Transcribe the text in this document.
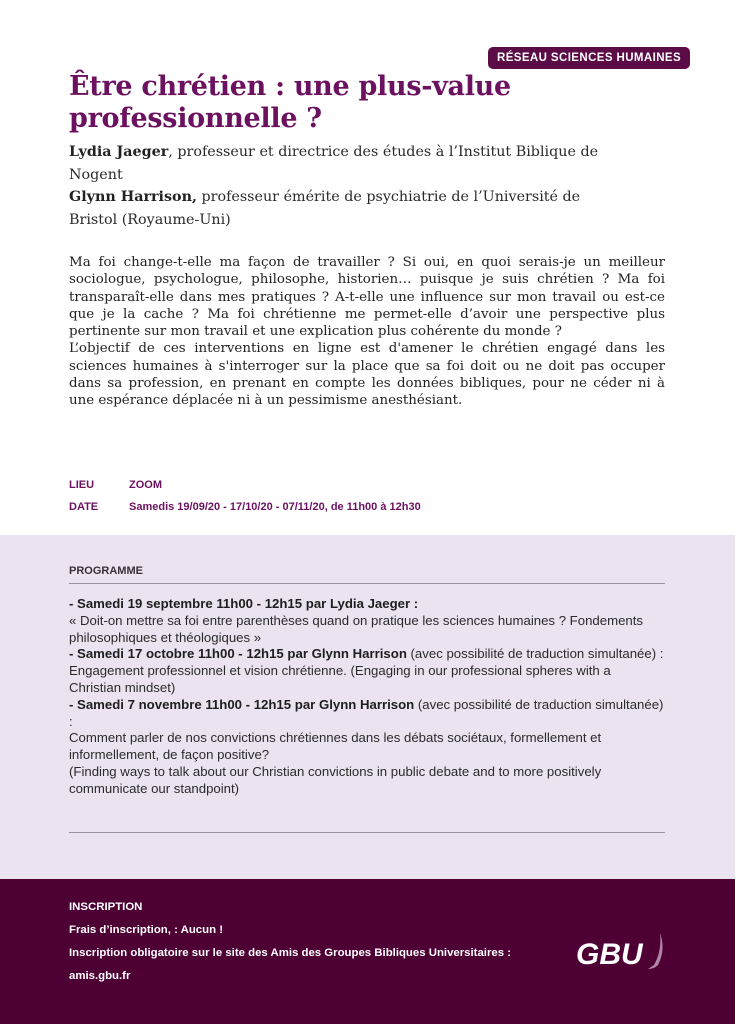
RÉSEAU SCIENCES HUMAINES
Être chrétien : une plus-value professionnelle ?
Lydia Jaeger, professeur et directrice des études à l’Institut Biblique de Nogent
Glynn Harrison, professeur émérite de psychiatrie de l’Université de Bristol (Royaume-Uni)

Ma foi change-t-elle ma façon de travailler ? Si oui, en quoi serais-je un meilleur sociologue, psychologue, philosophe, historien… puisque je suis chrétien ? Ma foi transparaît-elle dans mes pratiques ? A-t-elle une influence sur mon travail ou est-ce que je la cache ? Ma foi chrétienne me permet-elle d’avoir une perspective plus pertinente sur mon travail et une explication plus cohérente du monde ?

L’objectif de ces interventions en ligne est d'amener le chrétien engagé dans les sciences humaines à s'interroger sur la place que sa foi doit ou ne doit pas occuper dans sa profession, en prenant en compte les données bibliques, pour ne céder ni à une espérance déplacée ni à un pessimisme anesthésiant.

LIEU	ZOOM
DATE	Samedis 19/09/20 - 17/10/20 - 07/11/20, de 11h00 à 12h30
PROGRAMME

- Samedi 19 septembre 11h00 - 12h15 par Lydia Jaeger :

« Doit-on mettre sa foi entre parenthèses quand on pratique les sciences humaines ? Fondements philosophiques et théologiques »

- Samedi 17 octobre 11h00 - 12h15 par Glynn Harrison (avec possibilité de traduction simultanée) :

Engagement professionnel et vision chrétienne. (Engaging in our professional spheres with a Christian mindset)

- Samedi 7 novembre 11h00 - 12h15 par Glynn Harrison (avec possibilité de traduction simultanée) :

Comment parler de nos convictions chrétiennes dans les débats sociétaux, formellement et informellement, de façon positive?

(Finding ways to talk about our Christian convictions in public debate and to more positively communicate our standpoint)

INSCRIPTION
Frais d’inscription, : Aucun !
Inscription obligatoire sur le site des Amis des Groupes Bibliques Universitaires :
amis.gbu.fr
GBU
